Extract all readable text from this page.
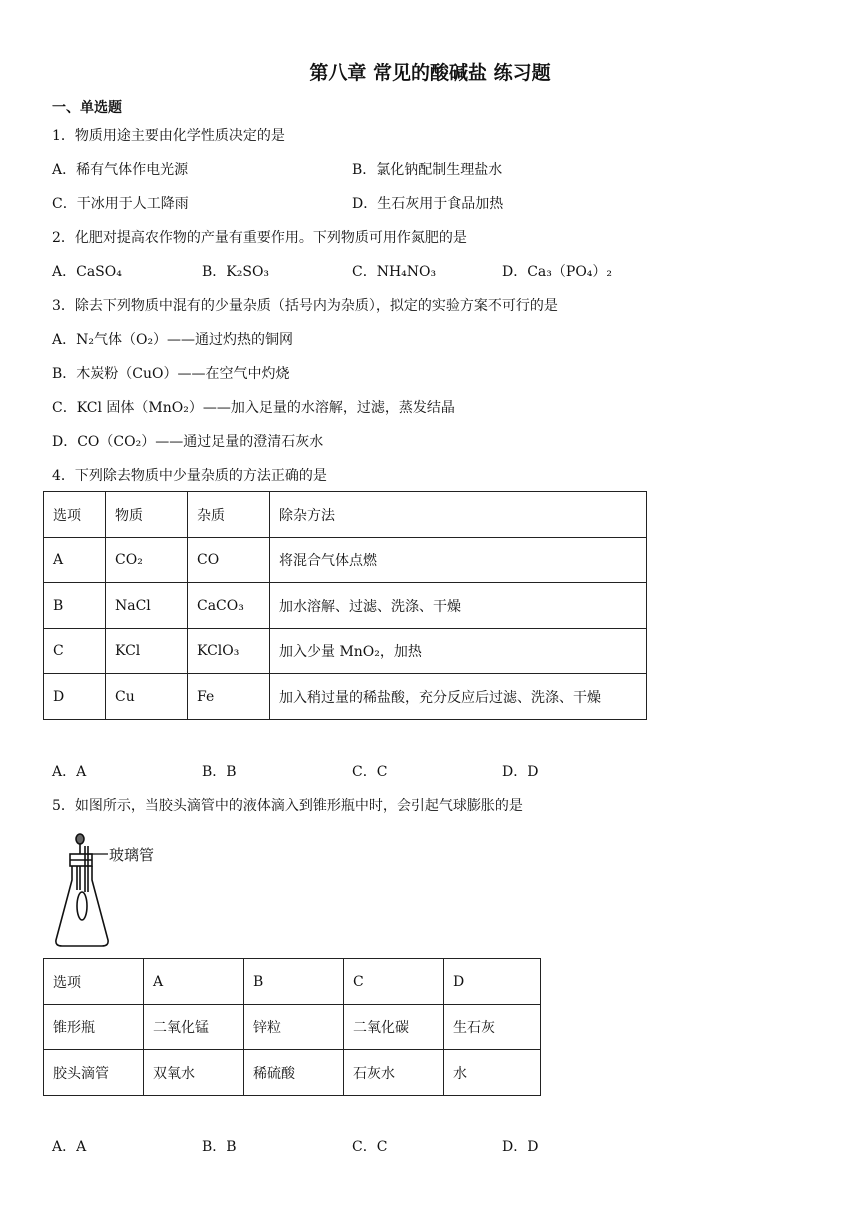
第八章 常见的酸碱盐 练习题
一、单选题
1．物质用途主要由化学性质决定的是
A．稀有气体作电光源	B．氯化钠配制生理盐水
C．干冰用于人工降雨	D．生石灰用于食品加热
2．化肥对提高农作物的产量有重要作用。下列物质可用作氮肥的是
A．CaSO₄	B．K₂SO₃	C．NH₄NO₃	D．Ca₃（PO₄）₂
3．除去下列物质中混有的少量杂质（括号内为杂质），拟定的实验方案不可行的是
A．N₂气体（O₂）——通过灼热的铜网
B．木炭粉（CuO）——在空气中灼烧
C．KCl 固体（MnO₂）——加入足量的水溶解，过滤，蒸发结晶
D．CO（CO₂）——通过足量的澄清石灰水
4．下列除去物质中少量杂质的方法正确的是
选项	物质	杂质	除杂方法
A	CO₂	CO	将混合气体点燃
B	NaCl	CaCO₃	加水溶解、过滤、洗涤、干燥
C	KCl	KClO₃	加入少量 MnO₂，加热
D	Cu	Fe	加入稍过量的稀盐酸，充分反应后过滤、洗涤、干燥
A．A	B．B	C．C	D．D
5．如图所示，当胶头滴管中的液体滴入到锥形瓶中时，会引起气球膨胀的是
玻璃管
选项	A	B	C	D
锥形瓶	二氧化锰	锌粒	二氧化碳	生石灰
胶头滴管	双氧水	稀硫酸	石灰水	水
A．A	B．B	C．C	D．D
